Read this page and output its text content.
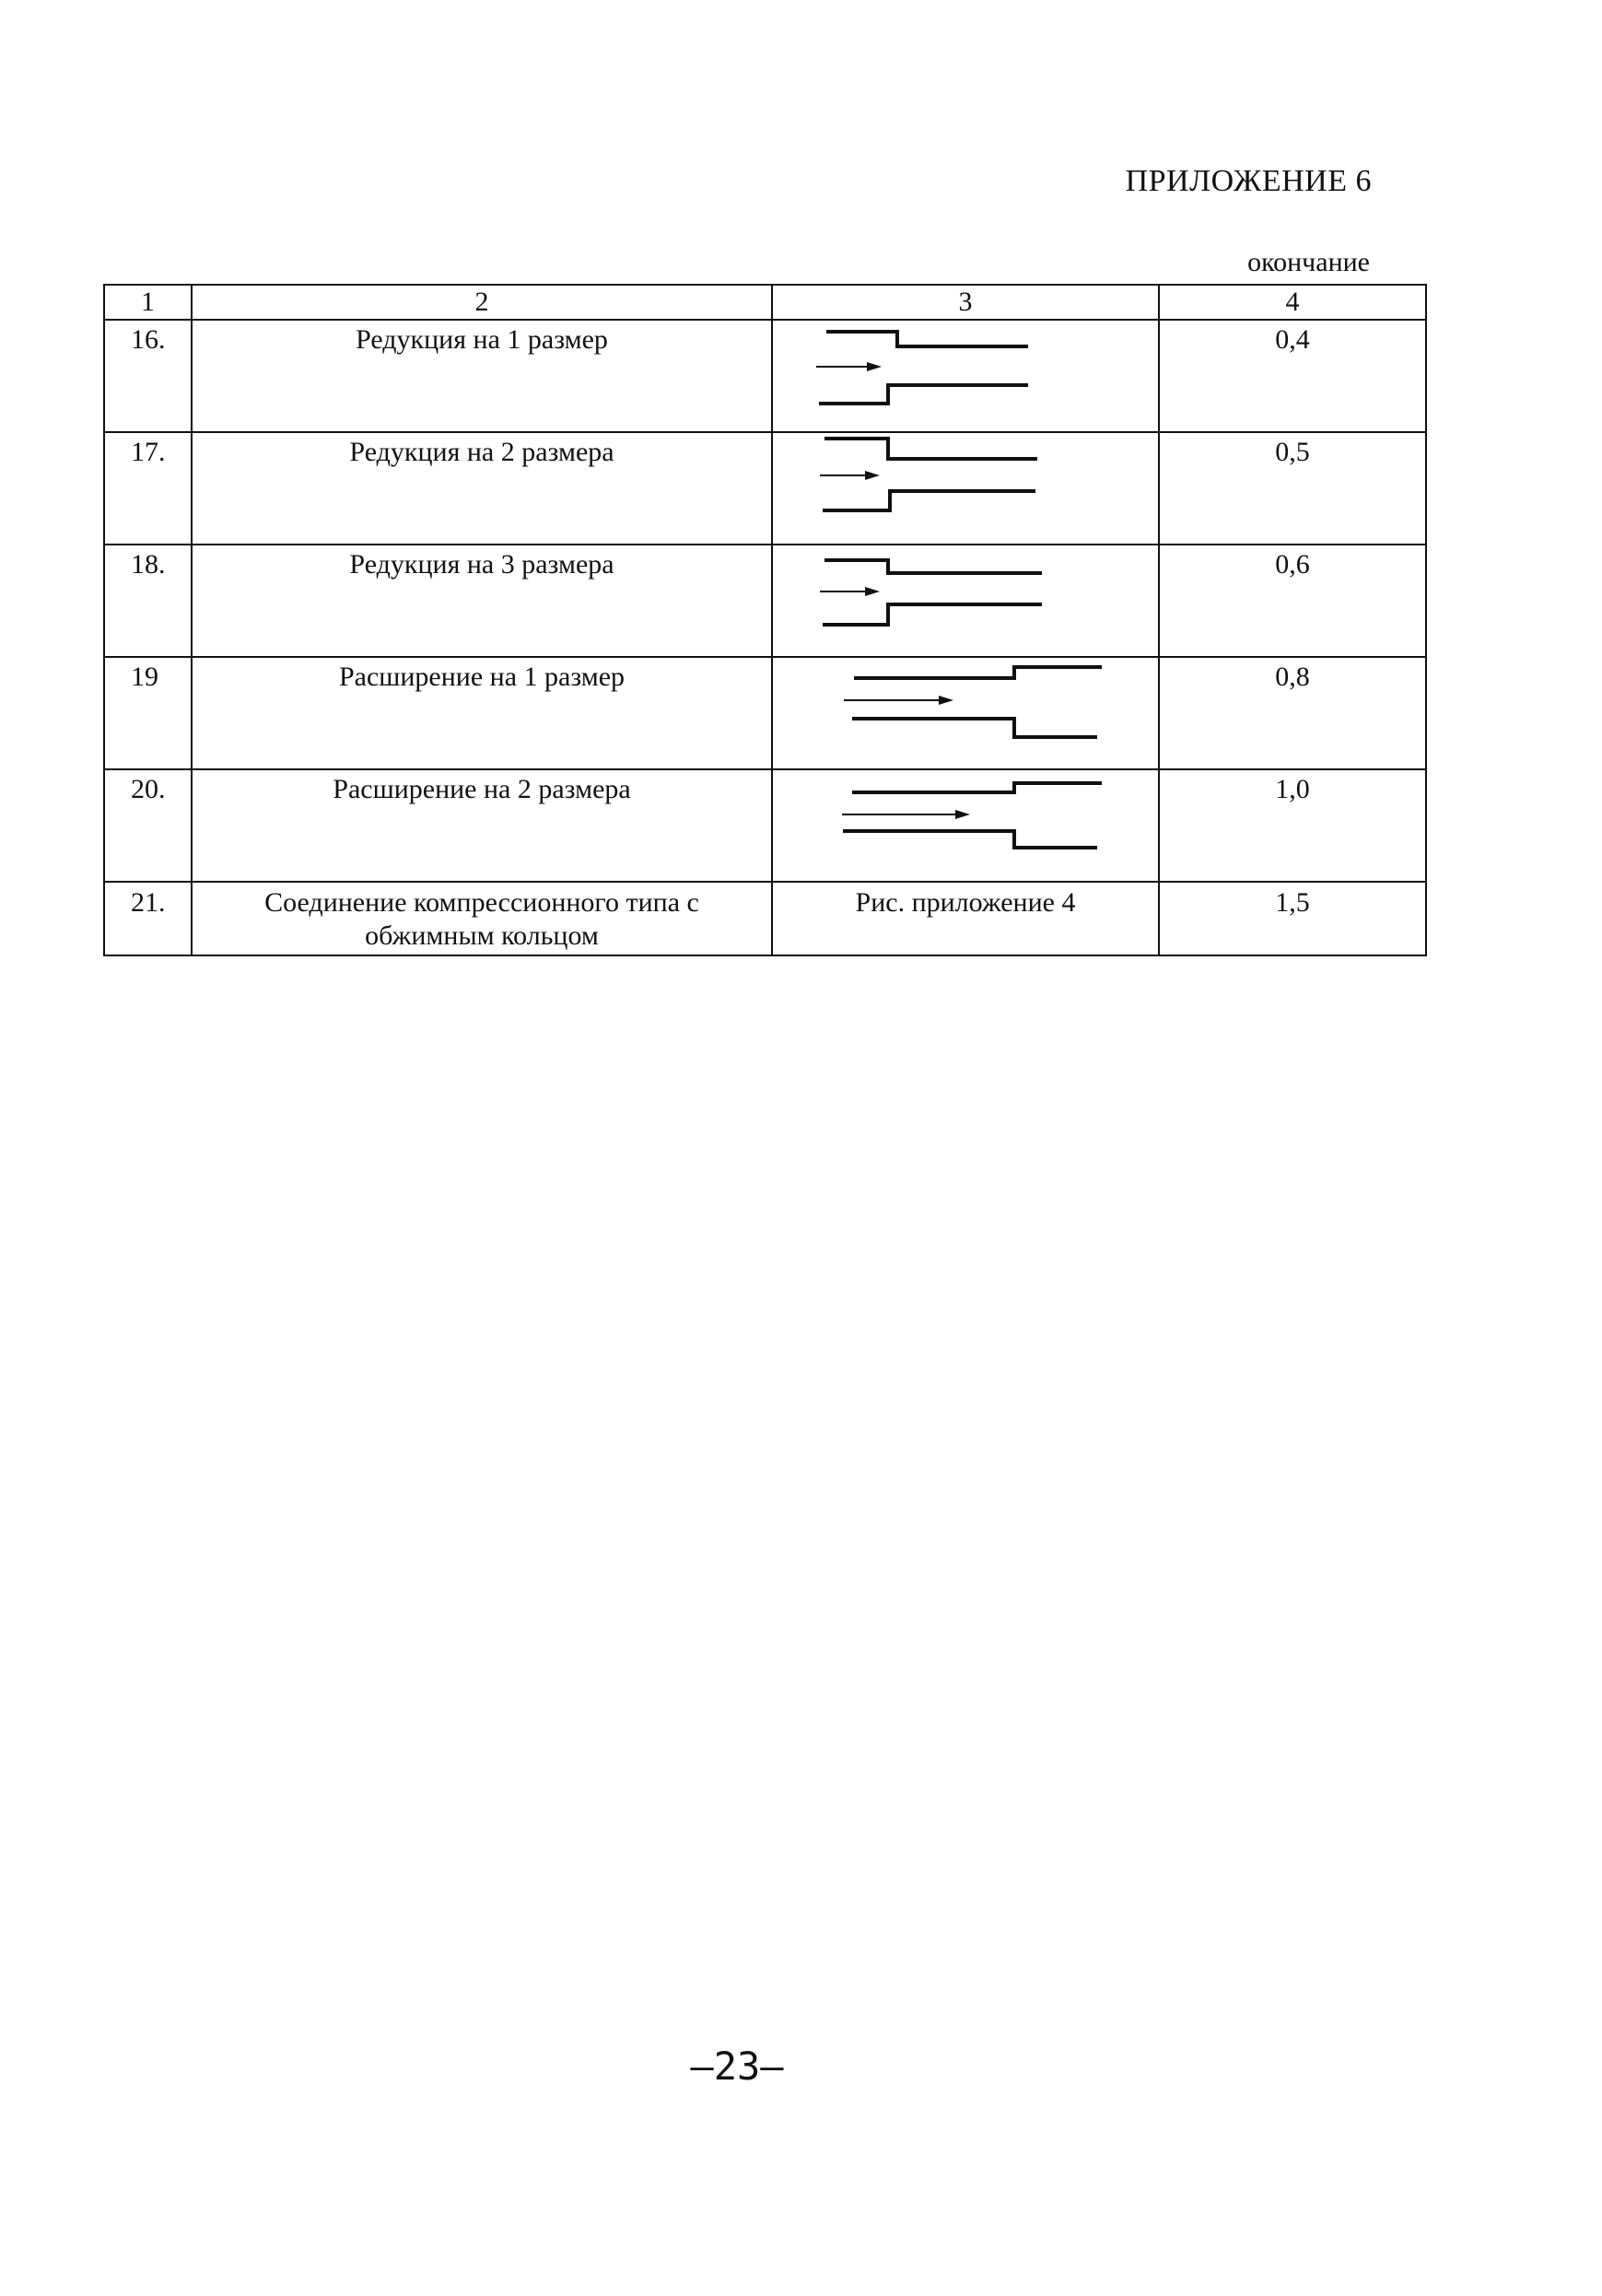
ПРИЛОЖЕНИЕ 6
окончание
1	2	3	4
16.	Редукция на 1 размер		0,4
17.	Редукция на 2 размера		0,5
18.	Редукция на 3 размера		0,6
19	Расширение на 1 размер		0,8
20.	Расширение на 2 размера		1,0
21.	Соединение компрессионного типа с обжимным кольцом	Рис. приложение 4	1,5
–23–
